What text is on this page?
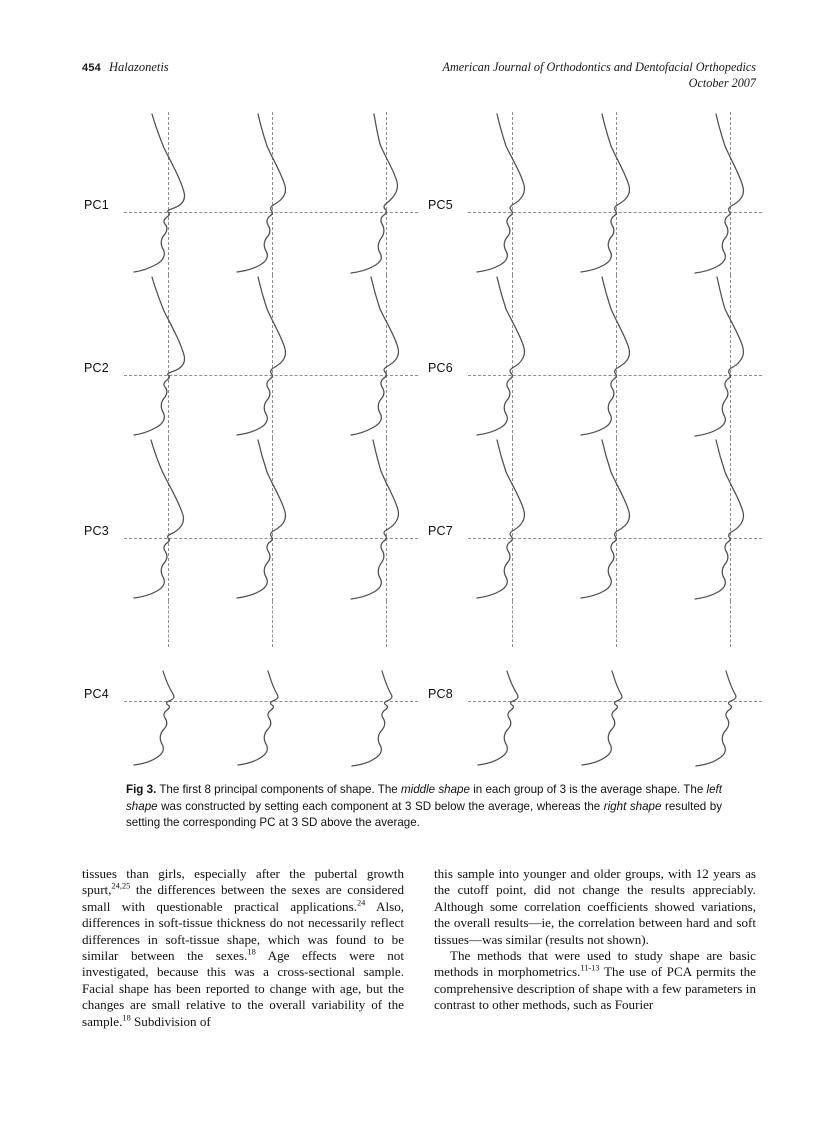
454 Halazonetis	American Journal of Orthodontics and Dentofacial Orthopedics
October 2007
PC1
PC2
PC3
PC4
PC5
PC6
PC7
PC8
Fig 3. The first 8 principal components of shape. The middle shape in each group of 3 is the average shape. The left shape was constructed by setting each component at 3 SD below the average, whereas the right shape resulted by setting the corresponding PC at 3 SD above the average.

tissues than girls, especially after the pubertal growth spurt,$^{24,25}$ the differences between the sexes are considered small with questionable practical applications.$^{24}$ Also, differences in soft-tissue thickness do not necessarily reflect differences in soft-tissue shape, which was found to be similar between the sexes.$^{18}$ Age effects were not investigated, because this was a cross-sectional sample. Facial shape has been reported to change with age, but the changes are small relative to the overall variability of the sample.$^{18}$ Subdivision of

this sample into younger and older groups, with 12 years as the cutoff point, did not change the results appreciably. Although some correlation coefficients showed variations, the overall results—ie, the correlation between hard and soft tissues—was similar (results not shown).

The methods that were used to study shape are basic methods in morphometrics.$^{11-13}$ The use of PCA permits the comprehensive description of shape with a few parameters in contrast to other methods, such as Fourier
